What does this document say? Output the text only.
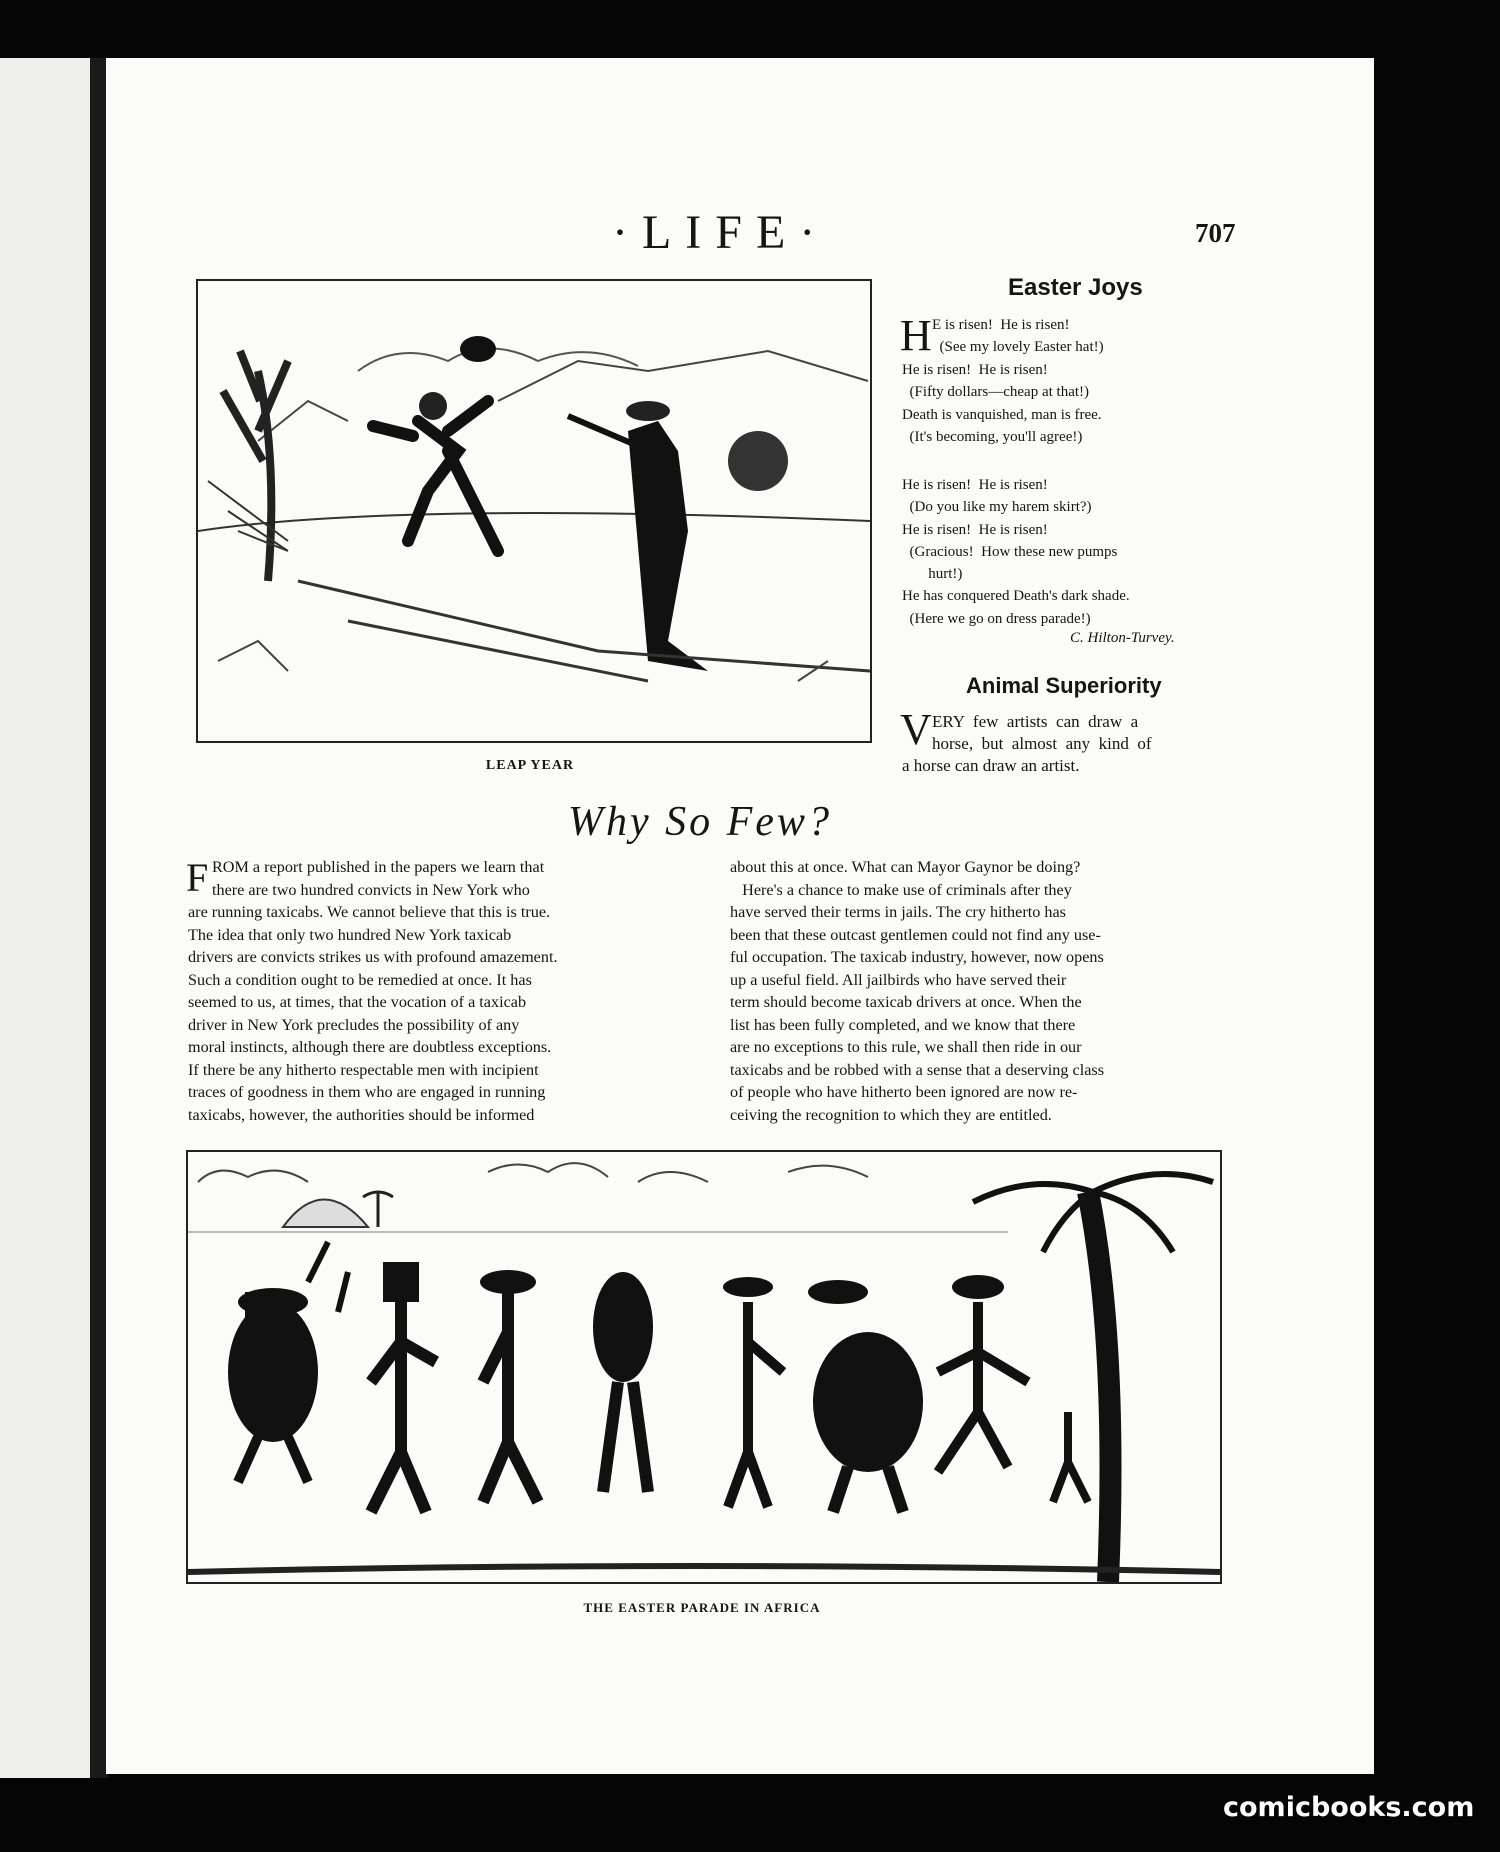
·LIFE·	707
LEAP YEAR
Easter Joys
H E is risen!  He is risen!
(See my lovely Easter hat!)
He is risen!  He is risen!
(Fifty dollars—cheap at that!)
Death is vanquished, man is free.
(It's becoming, you'll agree!)
He is risen!  He is risen!
(Do you like my harem skirt?)
He is risen!  He is risen!
(Gracious!  How these new pumps
hurt!)
He has conquered Death's dark shade.
(Here we go on dress parade!)
C. Hilton-Turvey.
Animal Superiority
V ERY  few  artists  can  draw  a
horse,  but  almost  any  kind  of
a horse can draw an artist.
Why So Few?
F ROM a report published in the papers we learn that
there are two hundred convicts in New York who
are running taxicabs. We cannot believe that this is true.
The idea that only two hundred New York taxicab
drivers are convicts strikes us with profound amazement.
Such a condition ought to be remedied at once. It has
seemed to us, at times, that the vocation of a taxicab
driver in New York precludes the possibility of any
moral instincts, although there are doubtless exceptions.
If there be any hitherto respectable men with incipient
traces of goodness in them who are engaged in running
taxicabs, however, the authorities should be informed
about this at once. What can Mayor Gaynor be doing?
Here's a chance to make use of criminals after they
have served their terms in jails. The cry hitherto has
been that these outcast gentlemen could not find any use-
ful occupation. The taxicab industry, however, now opens
up a useful field. All jailbirds who have served their
term should become taxicab drivers at once. When the
list has been fully completed, and we know that there
are no exceptions to this rule, we shall then ride in our
taxicabs and be robbed with a sense that a deserving class
of people who have hitherto been ignored are now re-
ceiving the recognition to which they are entitled.
THE EASTER PARADE IN AFRICA
comicbooks.com
